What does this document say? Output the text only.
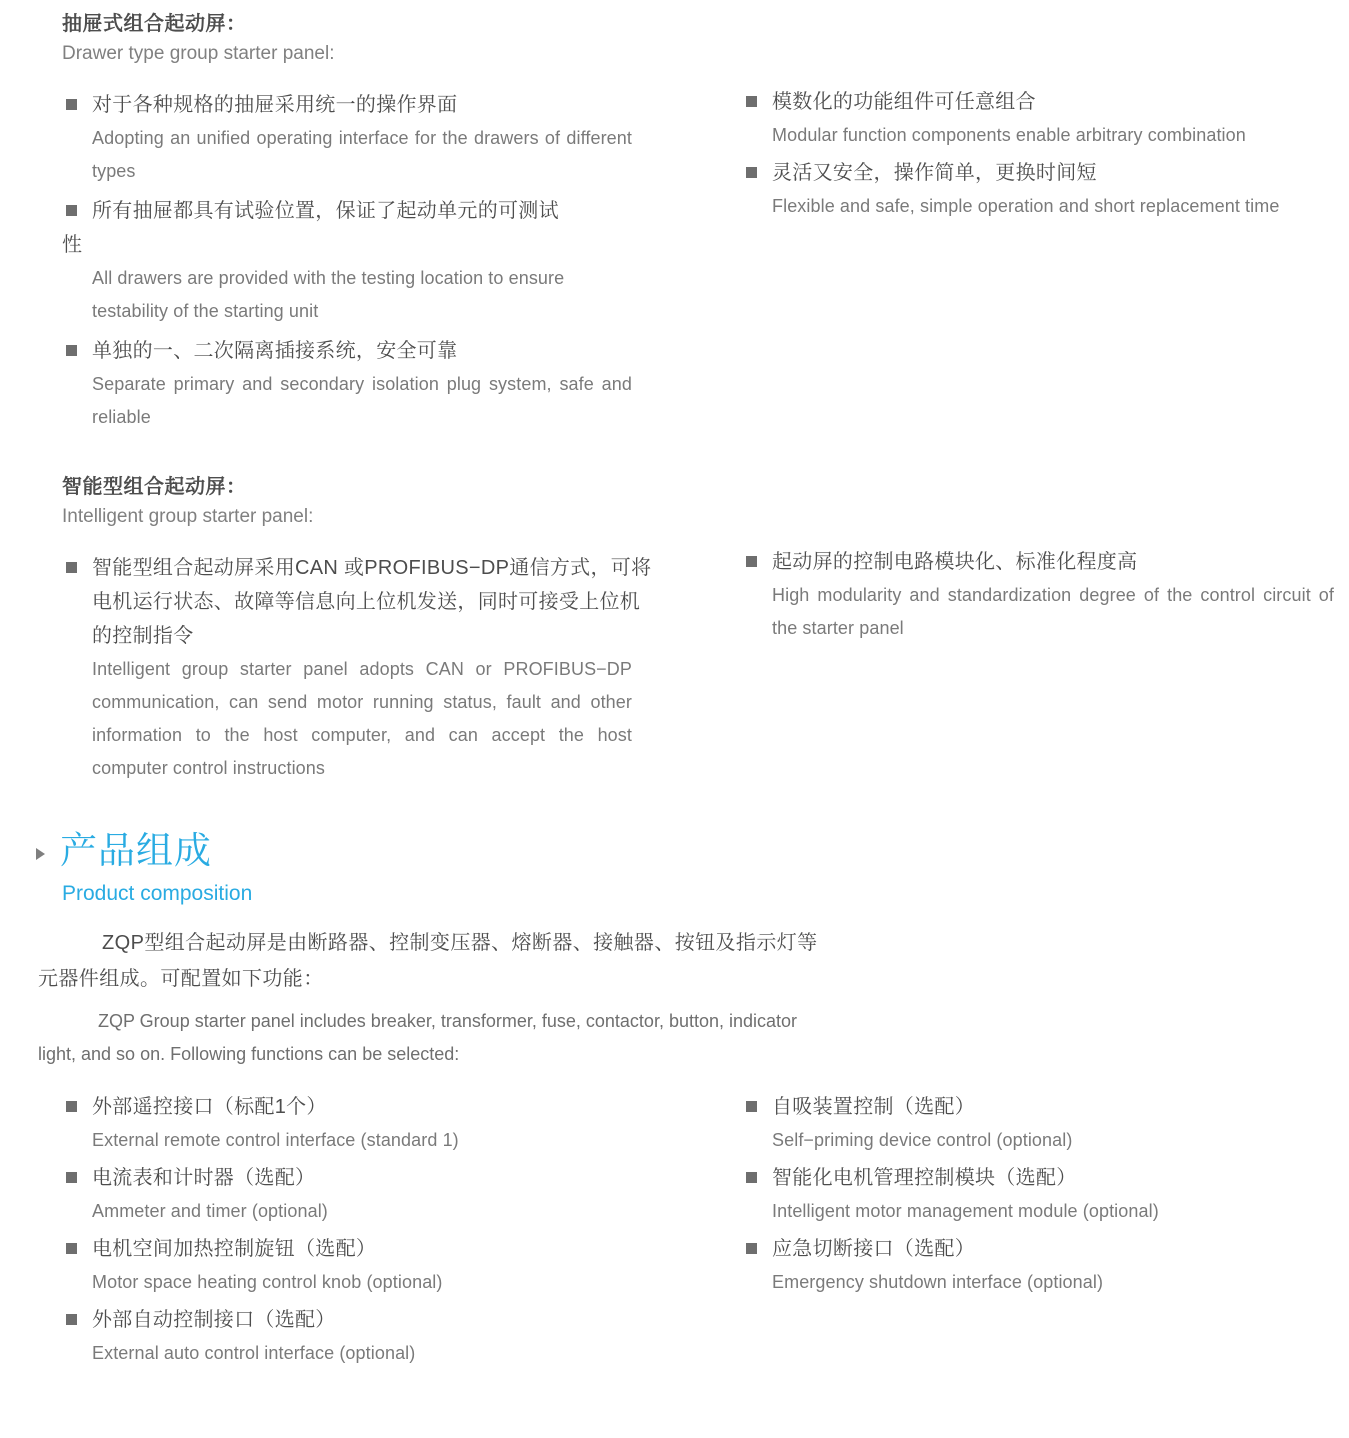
抽屉式组合起动屏：
Drawer type group starter panel:
对于各种规格的抽屉采用统一的操作界面
Adopting an unified operating interface for the drawers of different types
所有抽屉都具有试验位置，保证了起动单元的可测试
性
All drawers are provided with the testing location to ensure testability of the starting unit
单独的一、二次隔离插接系统，安全可靠
Separate primary and secondary isolation plug system, safe and reliable
模数化的功能组件可任意组合
Modular function components enable arbitrary combination
灵活又安全，操作简单，更换时间短
Flexible and safe, simple operation and short replacement time
智能型组合起动屏：
Intelligent group starter panel:
智能型组合起动屏采用CAN 或PROFIBUS−DP通信方式，可将电机运行状态、故障等信息向上位机发送，同时可接受上位机的控制指令
Intelligent group starter panel adopts CAN or PROFIBUS−DP communication, can send motor running status, fault and other information to the host computer, and can accept the host computer control instructions
起动屏的控制电路模块化、标准化程度高
High modularity and standardization degree of the control circuit of the starter panel
产品组成
Product composition
ZQP型组合起动屏是由断路器、控制变压器、熔断器、接触器、按钮及指示灯等
元器件组成。可配置如下功能：
ZQP Group starter panel includes breaker, transformer, fuse, contactor, button, indicator
light, and so on. Following functions can be selected:
外部遥控接口（标配1个）
External remote control interface (standard 1)
电流表和计时器（选配）
Ammeter and timer (optional)
电机空间加热控制旋钮（选配）
Motor space heating control knob (optional)
外部自动控制接口（选配）
External auto control interface (optional)
自吸装置控制（选配）
Self−priming device control (optional)
智能化电机管理控制模块（选配）
Intelligent motor management module (optional)
应急切断接口（选配）
Emergency shutdown interface (optional)
